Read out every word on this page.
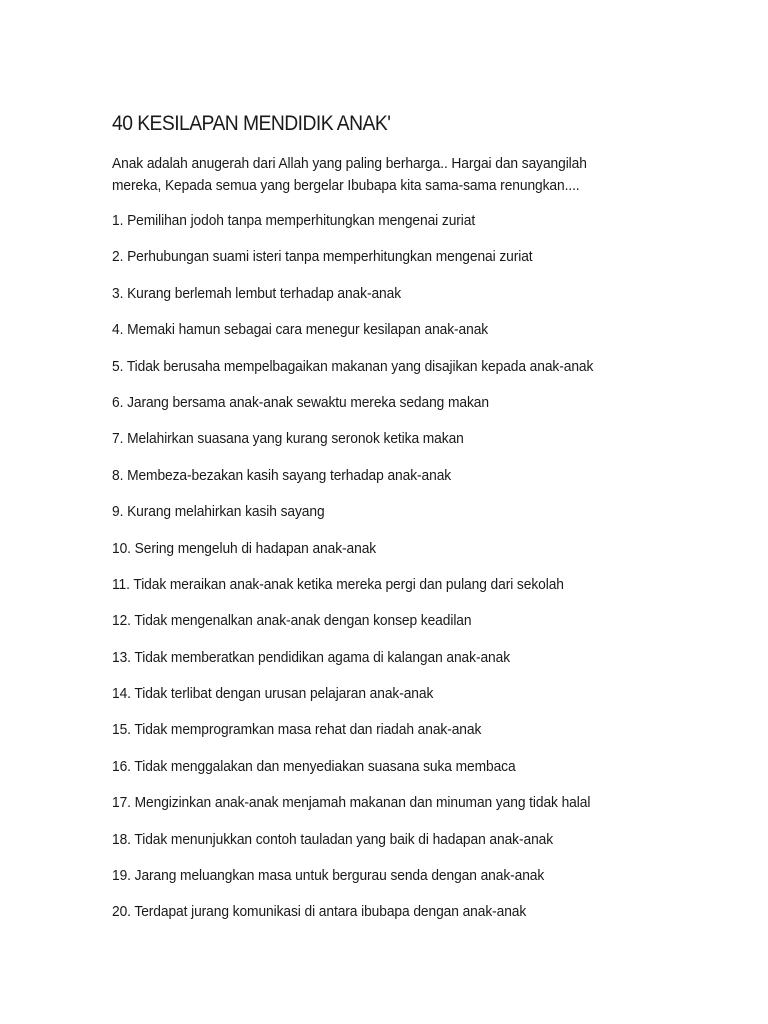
40 KESILAPAN MENDIDIK ANAK'

Anak adalah anugerah dari Allah yang paling berharga.. Hargai dan sayangilah
mereka, Kepada semua yang bergelar Ibubapa kita sama-sama renungkan....

1. Pemilihan jodoh tanpa memperhitungkan mengenai zuriat
2. Perhubungan suami isteri tanpa memperhitungkan mengenai zuriat
3. Kurang berlemah lembut terhadap anak-anak
4. Memaki hamun sebagai cara menegur kesilapan anak-anak
5. Tidak berusaha mempelbagaikan makanan yang disajikan kepada anak-anak
6. Jarang bersama anak-anak sewaktu mereka sedang makan
7. Melahirkan suasana yang kurang seronok ketika makan
8. Membeza-bezakan kasih sayang terhadap anak-anak
9. Kurang melahirkan kasih sayang
10. Sering mengeluh di hadapan anak-anak
11. Tidak meraikan anak-anak ketika mereka pergi dan pulang dari sekolah
12. Tidak mengenalkan anak-anak dengan konsep keadilan
13. Tidak memberatkan pendidikan agama di kalangan anak-anak
14. Tidak terlibat dengan urusan pelajaran anak-anak
15. Tidak memprogramkan masa rehat dan riadah anak-anak
16. Tidak menggalakan dan menyediakan suasana suka membaca
17. Mengizinkan anak-anak menjamah makanan dan minuman yang tidak halal
18. Tidak menunjukkan contoh tauladan yang baik di hadapan anak-anak
19. Jarang meluangkan masa untuk bergurau senda dengan anak-anak
20. Terdapat jurang komunikasi di antara ibubapa dengan anak-anak
